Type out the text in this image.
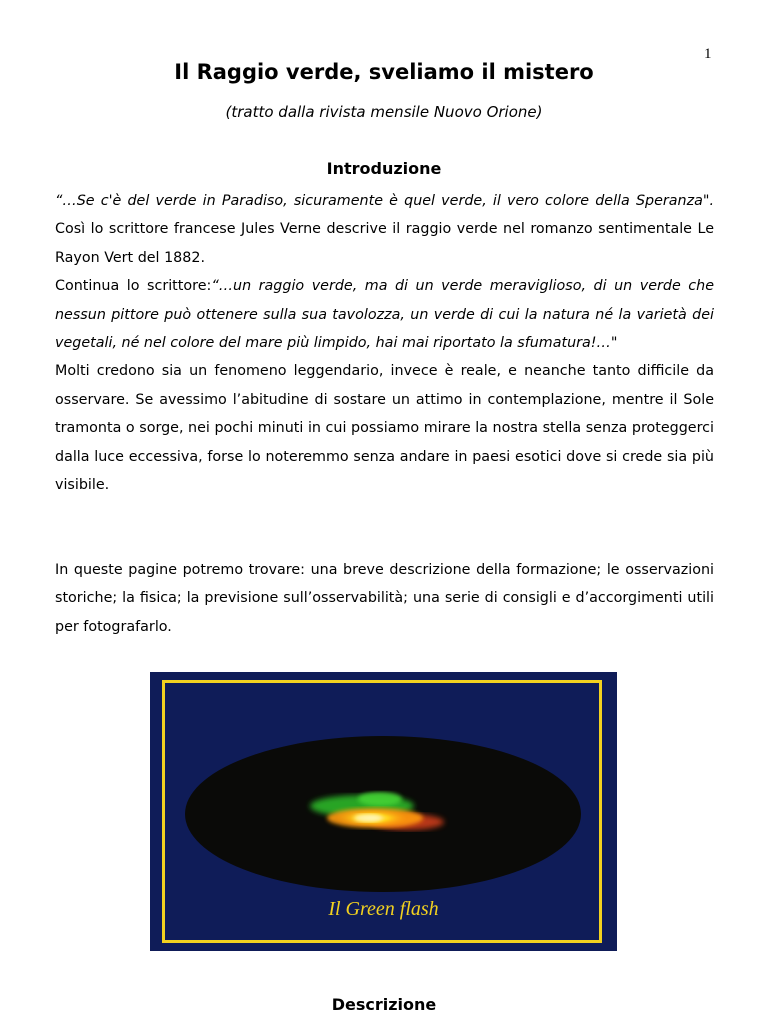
1
Il Raggio verde, sveliamo il mistero

(tratto dalla rivista mensile Nuovo Orione)

Introduzione

“…Se c'è del verde in Paradiso, sicuramente è quel verde, il vero colore della Speranza". Così lo scrittore francese Jules Verne descrive il raggio verde nel romanzo sentimentale Le Rayon Vert del 1882.
Continua lo scrittore:“…un raggio verde, ma di un verde meraviglioso, di un verde che nessun pittore può ottenere sulla sua tavolozza, un verde di cui la natura né la varietà dei vegetali, né nel colore del mare più limpido, hai mai riportato la sfumatura!…"
Molti credono sia un fenomeno leggendario, invece è reale, e neanche tanto difficile da osservare. Se avessimo l’abitudine di sostare un attimo in contemplazione, mentre il Sole tramonta o sorge, nei pochi minuti in cui possiamo mirare la nostra stella senza proteggerci dalla luce eccessiva, forse lo noteremmo senza andare in paesi esotici dove si crede sia più visibile.

In queste pagine potremo trovare: una breve descrizione della formazione; le osservazioni storiche; la fisica; la previsione sull’osservabilità; una serie di consigli e d’accorgimenti utili per fotografarlo.

Il Green flash
Descrizione
